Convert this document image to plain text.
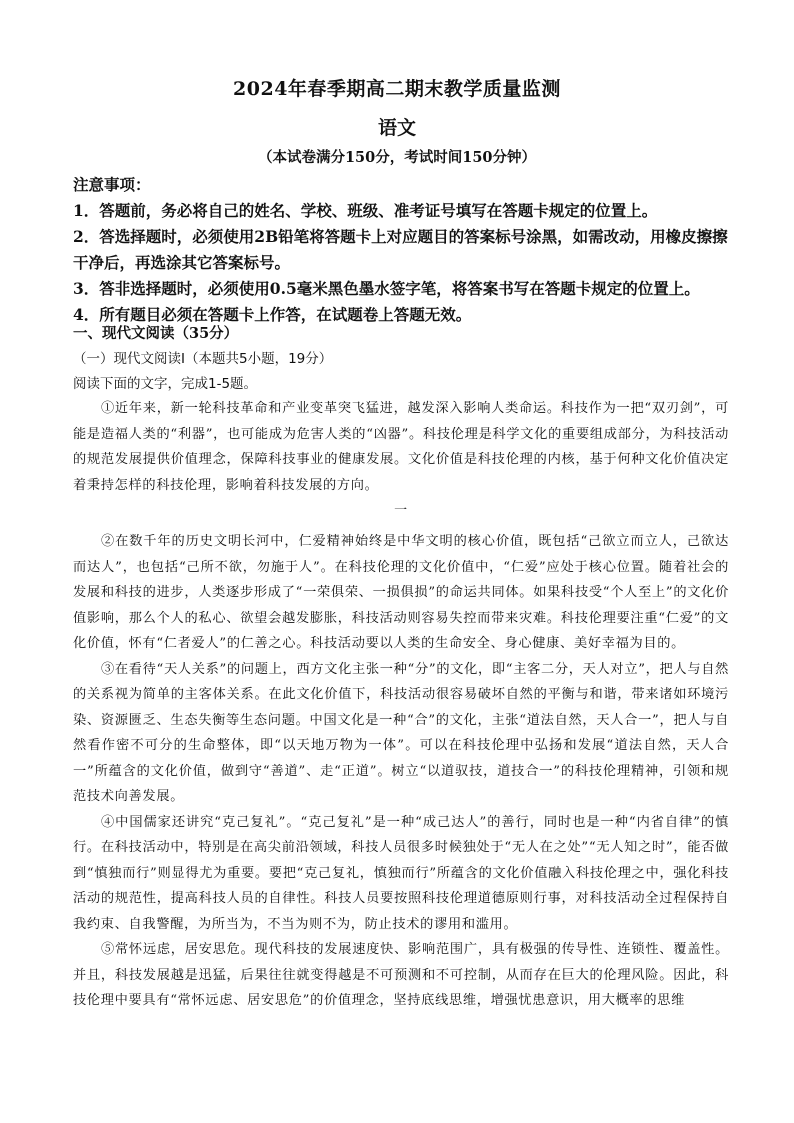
2024年春季期高二期末教学质量监测
语文
（本试卷满分150分，考试时间150分钟）

注意事项：

1．答题前，务必将自己的姓名、学校、班级、准考证号填写在答题卡规定的位置上。

2．答选择题时，必须使用2B铅笔将答题卡上对应题目的答案标号涂黑，如需改动，用橡皮擦擦干净后，再选涂其它答案标号。

3．答非选择题时，必须使用0.5毫米黑色墨水签字笔，将答案书写在答题卡规定的位置上。

4．所有题目必须在答题卡上作答，在试题卷上答题无效。

一、现代文阅读（35分）
（一）现代文阅读Ⅰ（本题共5小题，19分）
阅读下面的文字，完成1-5题。

①近年来，新一轮科技革命和产业变革突飞猛进，越发深入影响人类命运。科技作为一把“双刃剑”，可能是造福人类的“利器”，也可能成为危害人类的“凶器”。科技伦理是科学文化的重要组成部分，为科技活动的规范发展提供价值理念，保障科技事业的健康发展。文化价值是科技伦理的内核，基于何种文化价值决定着秉持怎样的科技伦理，影响着科技发展的方向。

一

②在数千年的历史文明长河中，仁爱精神始终是中华文明的核心价值，既包括“己欲立而立人，己欲达而达人”，也包括“己所不欲，勿施于人”。在科技伦理的文化价值中，“仁爱”应处于核心位置。随着社会的发展和科技的进步，人类逐步形成了“一荣俱荣、一损俱损”的命运共同体。如果科技受“个人至上”的文化价值影响，那么个人的私心、欲望会越发膨胀，科技活动则容易失控而带来灾难。科技伦理要注重“仁爱”的文化价值，怀有“仁者爱人”的仁善之心。科技活动要以人类的生命安全、身心健康、美好幸福为目的。

③在看待“天人关系”的问题上，西方文化主张一种“分”的文化，即“主客二分，天人对立”，把人与自然的关系视为简单的主客体关系。在此文化价值下，科技活动很容易破坏自然的平衡与和谐，带来诸如环境污染、资源匮乏、生态失衡等生态问题。中国文化是一种“合”的文化，主张“道法自然，天人合一”，把人与自然看作密不可分的生命整体，即“以天地万物为一体”。可以在科技伦理中弘扬和发展“道法自然，天人合一”所蕴含的文化价值，做到守“善道”、走“正道”。树立“以道驭技，道技合一”的科技伦理精神，引领和规范技术向善发展。

④中国儒家还讲究“克己复礼”。“克己复礼”是一种“成己达人”的善行，同时也是一种“内省自律”的慎行。在科技活动中，特别是在高尖前沿领域，科技人员很多时候独处于“无人在之处”“无人知之时”，能否做到“慎独而行”则显得尤为重要。要把“克己复礼，慎独而行”所蕴含的文化价值融入科技伦理之中，强化科技活动的规范性，提高科技人员的自律性。科技人员要按照科技伦理道德原则行事，对科技活动全过程保持自我约束、自我警醒，为所当为，不当为则不为，防止技术的谬用和滥用。

⑤常怀远虑，居安思危。现代科技的发展速度快、影响范围广，具有极强的传导性、连锁性、覆盖性。并且，科技发展越是迅猛，后果往往就变得越是不可预测和不可控制，从而存在巨大的伦理风险。因此，科技伦理中要具有“常怀远虑、居安思危”的价值理念，坚持底线思维，增强忧患意识，用大概率的思维
